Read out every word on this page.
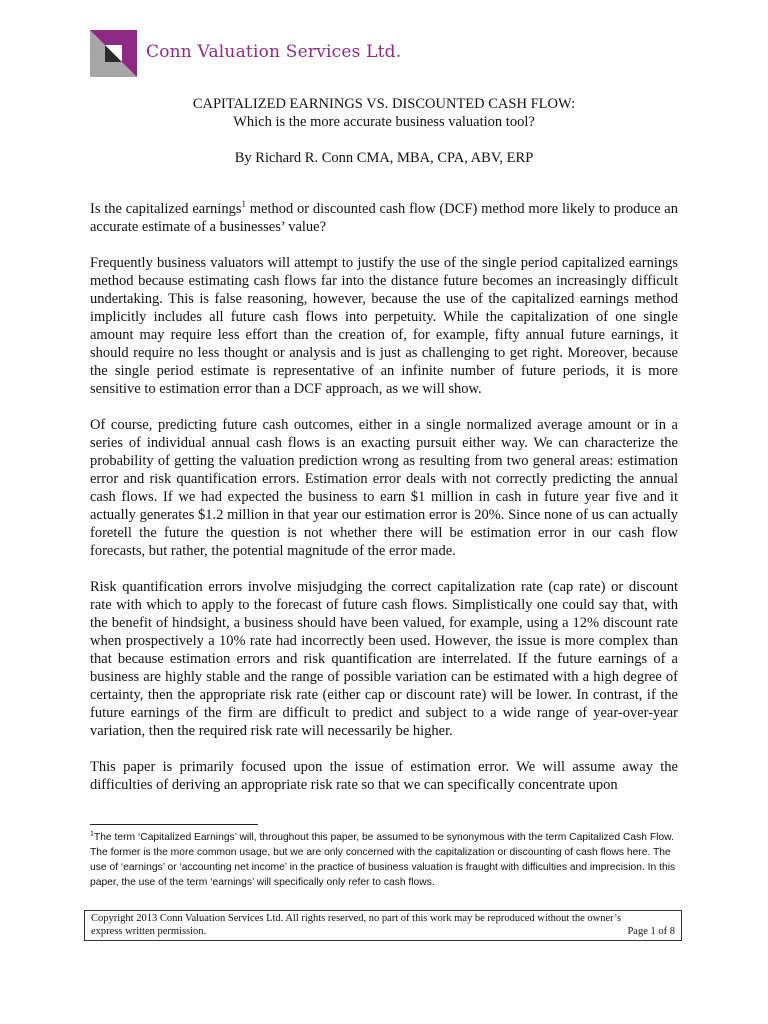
Conn Valuation Services Ltd.
CAPITALIZED EARNINGS VS. DISCOUNTED CASH FLOW:
Which is the more accurate business valuation tool?
By Richard R. Conn CMA, MBA, CPA, ABV, ERP

Is the capitalized earnings$^1$ method or discounted cash flow (DCF) method more likely to produce an accurate estimate of a businesses’ value?

Frequently business valuators will attempt to justify the use of the single period capitalized earnings method because estimating cash flows far into the distance future becomes an increasingly difficult undertaking. This is false reasoning, however, because the use of the capitalized earnings method implicitly includes all future cash flows into perpetuity. While the capitalization of one single amount may require less effort than the creation of, for example, fifty annual future earnings, it should require no less thought or analysis and is just as challenging to get right. Moreover, because the single period estimate is representative of an infinite number of future periods, it is more sensitive to estimation error than a DCF approach, as we will show.

Of course, predicting future cash outcomes, either in a single normalized average amount or in a series of individual annual cash flows is an exacting pursuit either way. We can characterize the probability of getting the valuation prediction wrong as resulting from two general areas: estimation error and risk quantification errors. Estimation error deals with not correctly predicting the annual cash flows. If we had expected the business to earn $1 million in cash in future year five and it actually generates $1.2 million in that year our estimation error is 20%. Since none of us can actually foretell the future the question is not whether there will be estimation error in our cash flow forecasts, but rather, the potential magnitude of the error made.

Risk quantification errors involve misjudging the correct capitalization rate (cap rate) or discount rate with which to apply to the forecast of future cash flows. Simplistically one could say that, with the benefit of hindsight, a business should have been valued, for example, using a 12% discount rate when prospectively a 10% rate had incorrectly been used. However, the issue is more complex than that because estimation errors and risk quantification are interrelated. If the future earnings of a business are highly stable and the range of possible variation can be estimated with a high degree of certainty, then the appropriate risk rate (either cap or discount rate) will be lower. In contrast, if the future earnings of the firm are difficult to predict and subject to a wide range of year-over-year variation, then the required risk rate will necessarily be higher.

This paper is primarily focused upon the issue of estimation error. We will assume away the difficulties of deriving an appropriate risk rate so that we can specifically concentrate upon

$^1$The term ‘Capitalized Earnings’ will, throughout this paper, be assumed to be synonymous with the term Capitalized Cash Flow. The former is the more common usage, but we are only concerned with the capitalization or discounting of cash flows here. The use of ‘earnings’ or ‘accounting net income’ in the practice of business valuation is fraught with difficulties and imprecision. In this paper, the use of the term ‘earnings’ will specifically only refer to cash flows.
Copyright 2013 Conn Valuation Services Ltd. All rights reserved, no part of this work may be reproduced without the owner’s
express written permission.	Page 1 of 8
